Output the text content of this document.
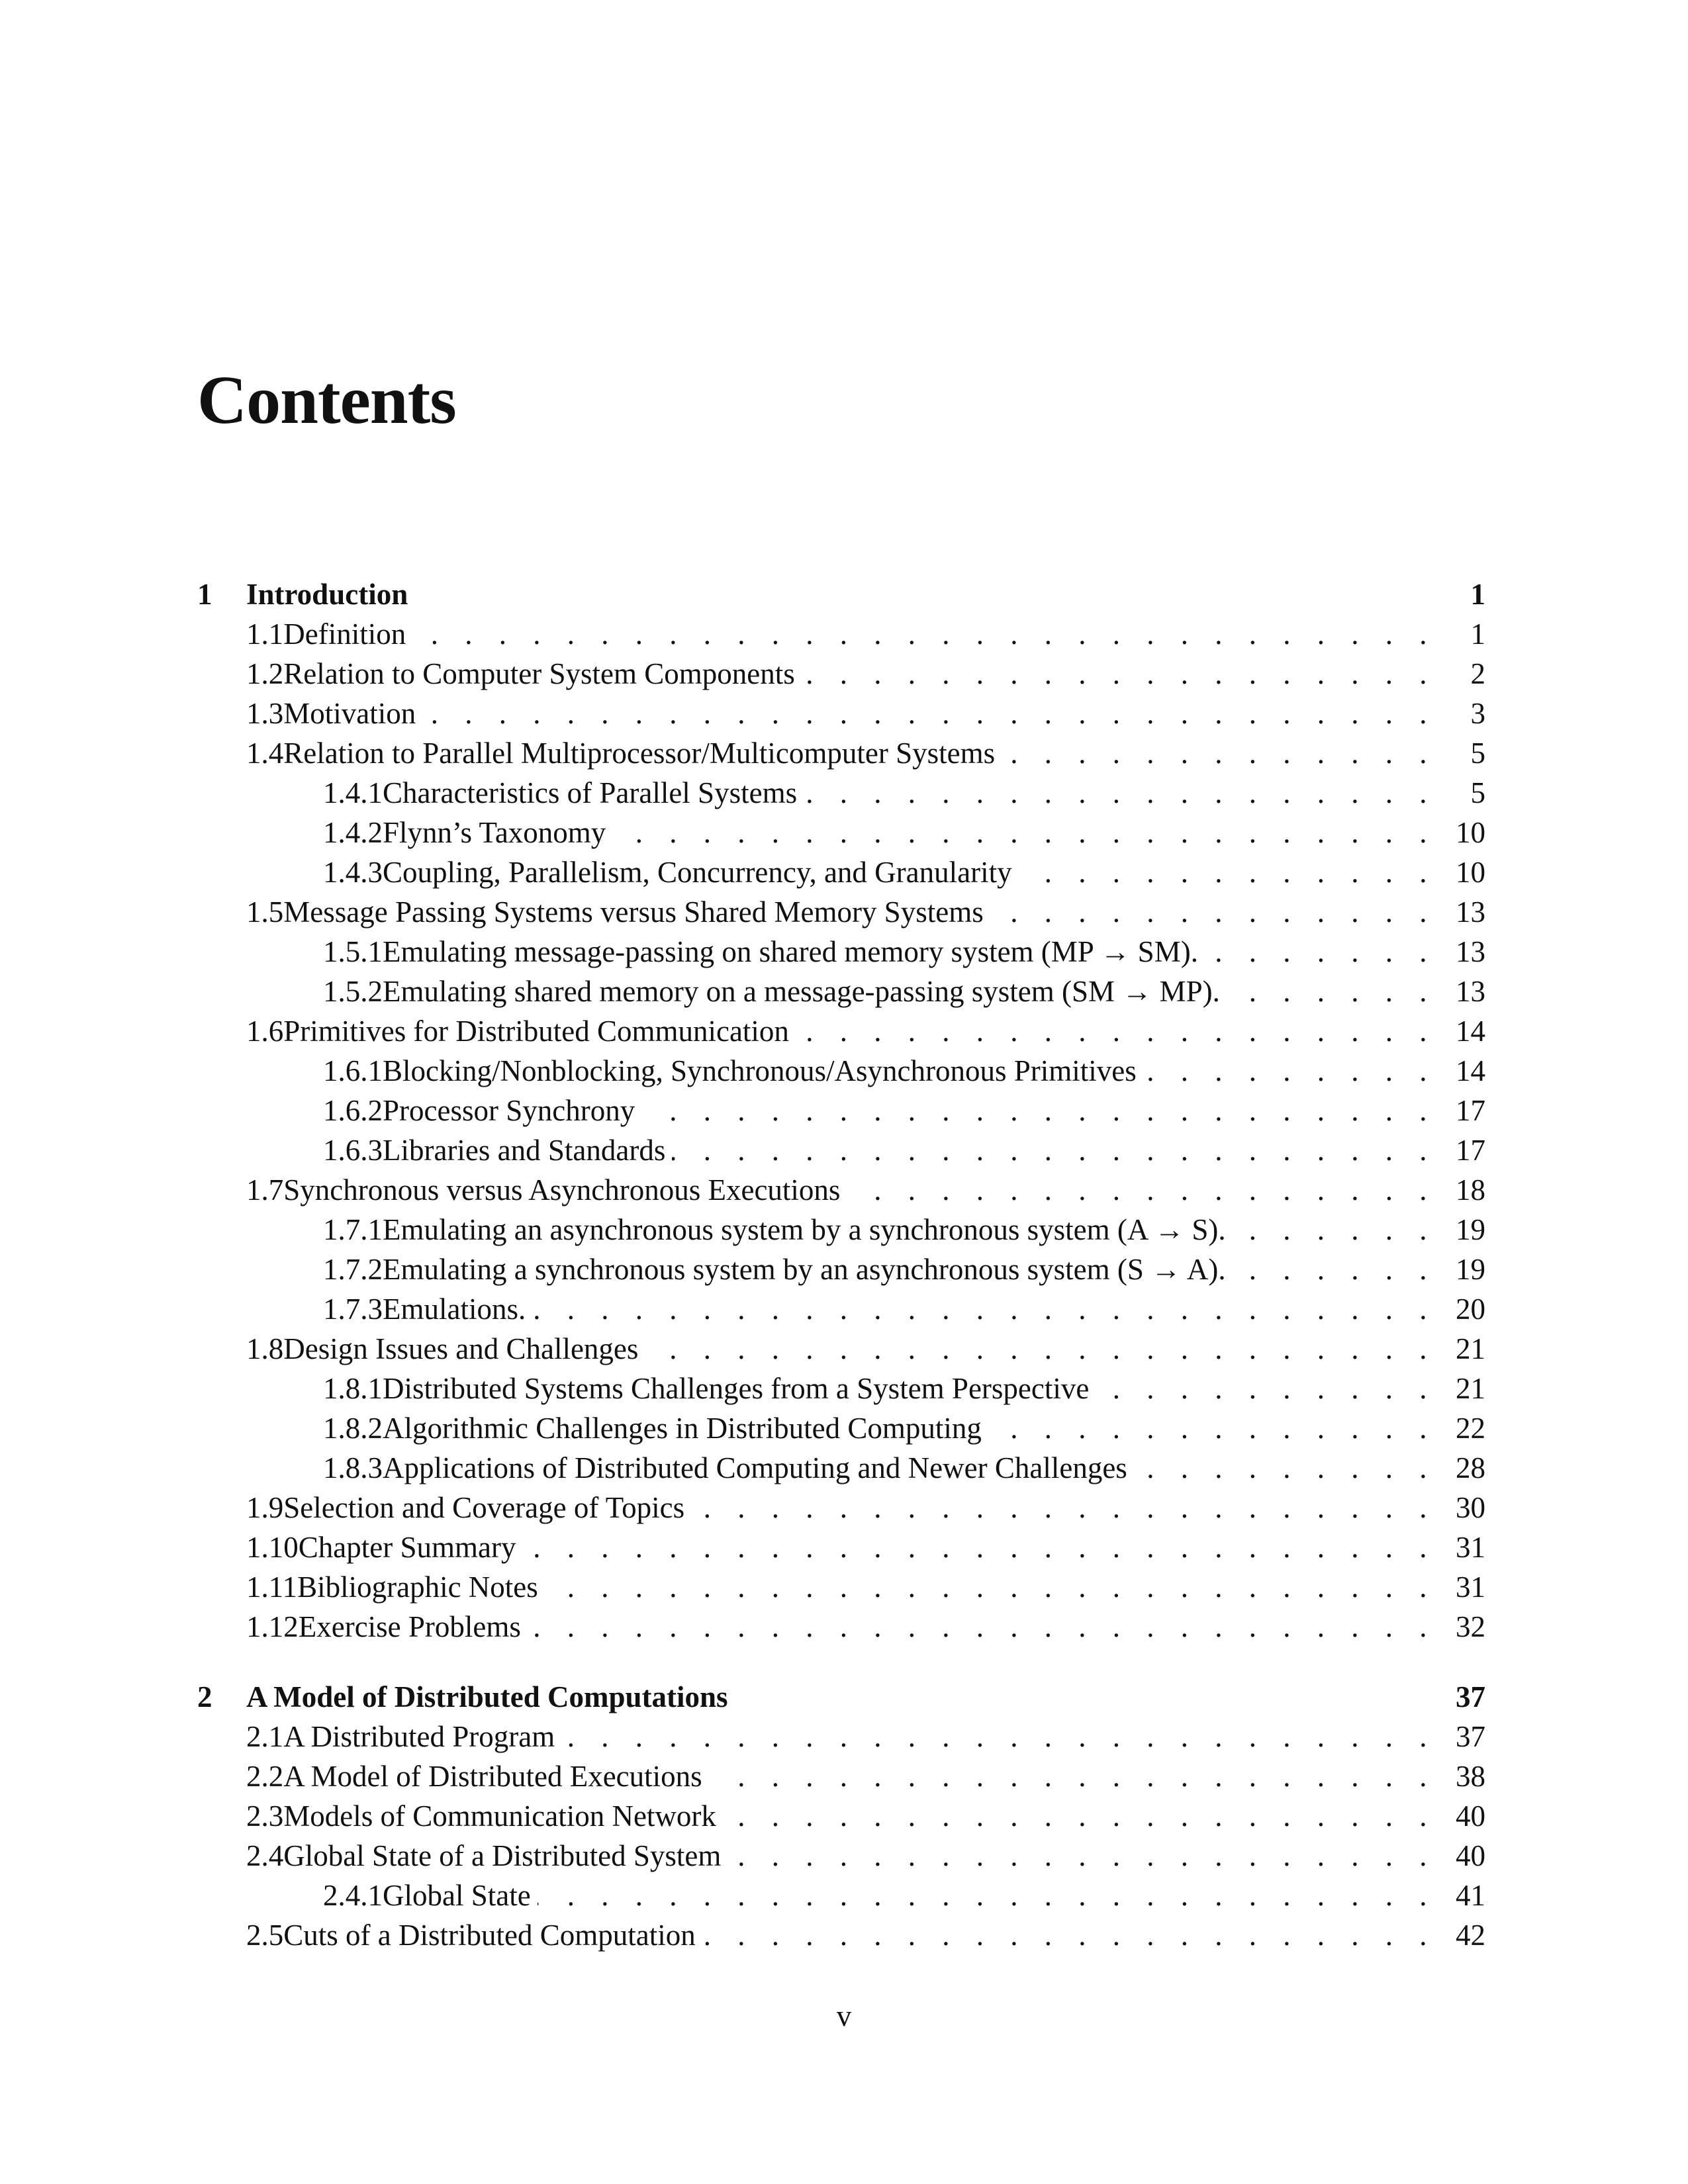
Contents
1	Introduction	1
1.1 Definition . . .	1
1.2 Relation to Computer System Components . . .	2
1.3 Motivation . . .	3
1.4 Relation to Parallel Multiprocessor/Multicomputer Systems . . .	5
1.4.1 Characteristics of Parallel Systems . . .	5
1.4.2 Flynn’s Taxonomy . . .	10
1.4.3 Coupling, Parallelism, Concurrency, and Granularity . . .	10
1.5 Message Passing Systems versus Shared Memory Systems . . .	13
1.5.1 Emulating message-passing on shared memory system (MP → SM). . . .	13
1.5.2 Emulating shared memory on a message-passing system (SM → MP). . . .	13
1.6 Primitives for Distributed Communication . . .	14
1.6.1 Blocking/Nonblocking, Synchronous/Asynchronous Primitives . . .	14
1.6.2 Processor Synchrony . . .	17
1.6.3 Libraries and Standards . . .	17
1.7 Synchronous versus Asynchronous Executions . . .	18
1.7.1 Emulating an asynchronous system by a synchronous system (A → S). . . .	19
1.7.2 Emulating a synchronous system by an asynchronous system (S → A). . . .	19
1.7.3 Emulations. . . .	20
1.8 Design Issues and Challenges . . .	21
1.8.1 Distributed Systems Challenges from a System Perspective . . .	21
1.8.2 Algorithmic Challenges in Distributed Computing . . .	22
1.8.3 Applications of Distributed Computing and Newer Challenges . . .	28
1.9 Selection and Coverage of Topics . . .	30
1.10 Chapter Summary . . .	31
1.11 Bibliographic Notes . . .	31
1.12 Exercise Problems . . .	32
2	A Model of Distributed Computations	37
2.1 A Distributed Program . . .	37
2.2 A Model of Distributed Executions . . .	38
2.3 Models of Communication Network . . .	40
2.4 Global State of a Distributed System . . .	40
2.4.1 Global State . . .	41
2.5 Cuts of a Distributed Computation . . .	42
v
